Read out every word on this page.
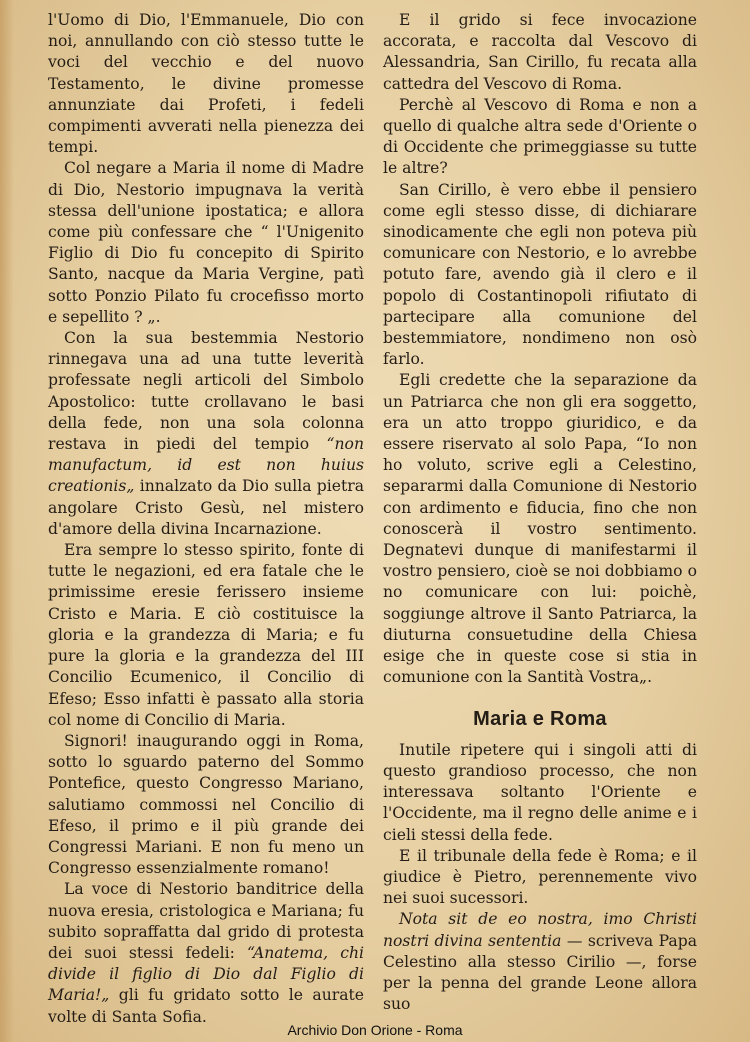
l'Uomo di Dio, l'Emmanuele, Dio con noi, annullando con ciò stesso tutte le voci del vecchio e del nuovo Testamento, le divine promesse annunziate dai Profeti, i fedeli compimenti avverati nella pienezza dei tempi.

Col negare a Maria il nome di Madre di Dio, Nestorio impugnava la verità stessa dell'unione ipostatica; e allora come più confessare che “ l'Unigenito Figlio di Dio fu concepito di Spirito Santo, nacque da Maria Vergine, patì sotto Ponzio Pilato fu crocefisso morto e sepellito ? „.

Con la sua bestemmia Nestorio rinnegava una ad una tutte leverità professate negli articoli del Simbolo Apostolico: tutte crollavano le basi della fede, non una sola colonna restava in piedi del tempio “non manufactum, id est non huius creationis„ innalzato da Dio sulla pietra angolare Cristo Gesù, nel mistero d'amore della divina Incarnazione.

Era sempre lo stesso spirito, fonte di tutte le negazioni, ed era fatale che le primissime eresie ferissero insieme Cristo e Maria. E ciò costituisce la gloria e la grandezza di Maria; e fu pure la gloria e la grandezza del III Concilio Ecumenico, il Concilio di Efeso; Esso infatti è passato alla storia col nome di Concilio di Maria.

Signori! inaugurando oggi in Roma, sotto lo sguardo paterno del Sommo Pontefice, questo Congresso Mariano, salutiamo commossi nel Concilio di Efeso, il primo e il più grande dei Congressi Mariani. E non fu meno un Congresso essenzialmente romano!

La voce di Nestorio banditrice della nuova eresia, cristologica e Mariana; fu subito sopraffatta dal grido di protesta dei suoi stessi fedeli: “Anatema, chi divide il figlio di Dio dal Figlio di Maria!„ gli fu gridato sotto le aurate volte di Santa Sofia.

E il grido si fece invocazione accorata, e raccolta dal Vescovo di Alessandria, San Cirillo, fu recata alla cattedra del Vescovo di Roma.

Perchè al Vescovo di Roma e non a quello di qualche altra sede d'Oriente o di Occidente che primeggiasse su tutte le altre?

San Cirillo, è vero ebbe il pensiero come egli stesso disse, di dichiarare sinodicamente che egli non poteva più comunicare con Nestorio, e lo avrebbe potuto fare, avendo già il clero e il popolo di Costantinopoli rifiutato di partecipare alla comunione del bestemmiatore, nondimeno non osò farlo.

Egli credette che la separazione da un Patriarca che non gli era soggetto, era un atto troppo giuridico, e da essere riservato al solo Papa, “Io non ho voluto, scrive egli a Celestino, separarmi dalla Comunione di Nestorio con ardimento e fiducia, fino che non conoscerà il vostro sentimento. Degnatevi dunque di manifestarmi il vostro pensiero, cioè se noi dobbiamo o no comunicare con lui: poichè, soggiunge altrove il Santo Patriarca, la diuturna consuetudine della Chiesa esige che in queste cose si stia in comunione con la Santità Vostra„.

Maria e Roma

Inutile ripetere qui i singoli atti di questo grandioso processo, che non interessava soltanto l'Oriente e l'Occidente, ma il regno delle anime e i cieli stessi della fede.

E il tribunale della fede è Roma; e il giudice è Pietro, perennemente vivo nei suoi sucessori.

Nota sit de eo nostra, imo Christi nostri divina sententia — scriveva Papa Celestino alla stesso Cirilio —, forse per la penna del grande Leone allora suo

Archivio Don Orione - Roma
